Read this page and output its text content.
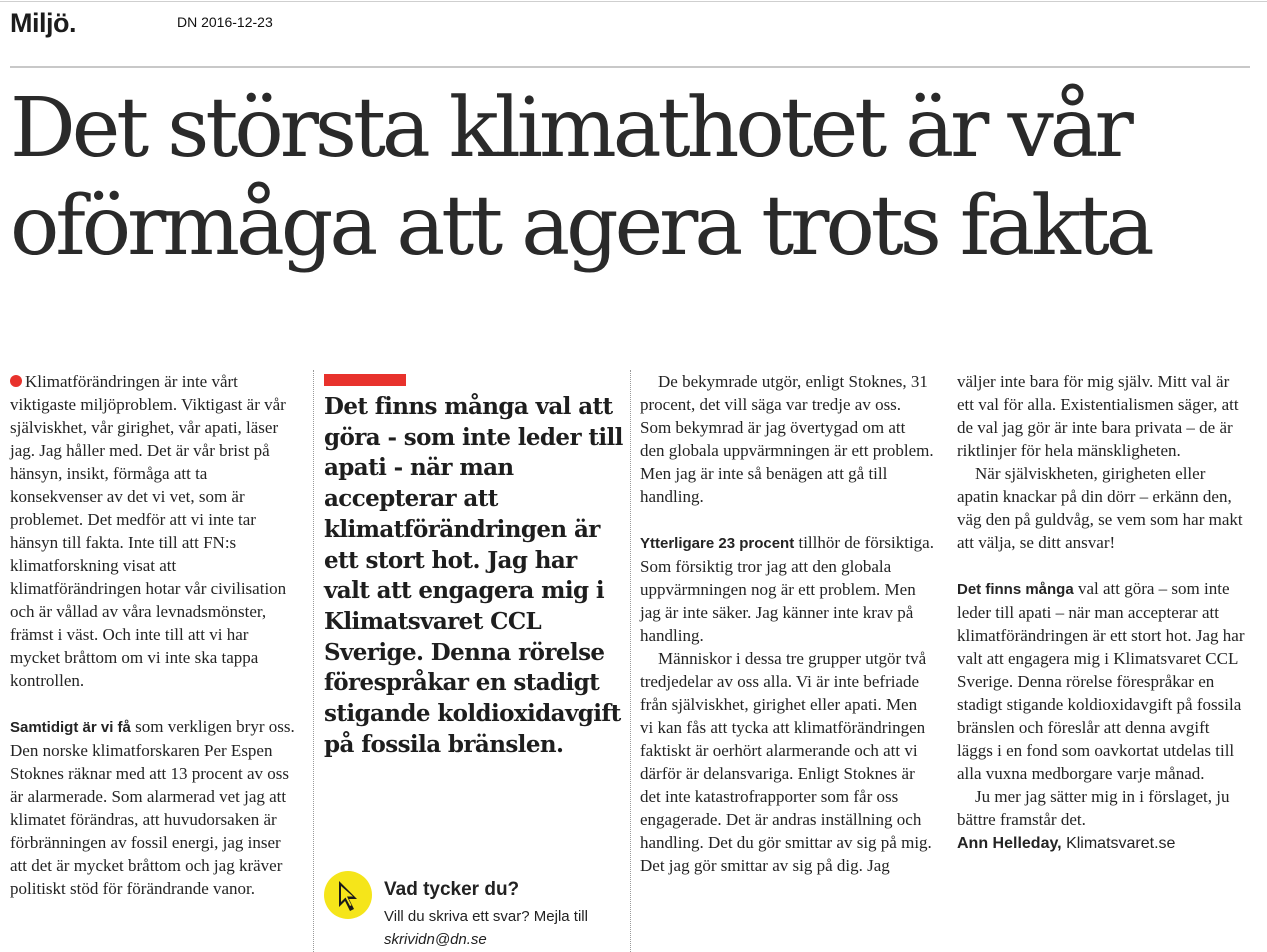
Miljö.	DN 2016-12-23
Det största klimathotet är vår
oförmåga att agera trots fakta

Klimatförändringen är inte vårt viktigaste miljöproblem. Viktigast är vår själviskhet, vår girighet, vår apati, läser jag. Jag håller med. Det är vår brist på hänsyn, insikt, förmåga att ta konsekvenser av det vi vet, som är problemet. Det medför att vi inte tar hänsyn till fakta. Inte till att FN:s klimatforskning visat att klimatförändringen hotar vår civilisation och är vållad av våra levnadsmönster, främst i väst. Och inte till att vi har mycket bråttom om vi inte ska tappa kontrollen.

Samtidigt är vi få som verkligen bryr oss. Den norske klimatforskaren Per Espen Stoknes räknar med att 13 procent av oss är alarmerade. Som alarmerad vet jag att klimatet förändras, att huvudorsaken är förbränningen av fossil energi, jag inser att det är mycket bråttom och jag kräver politiskt stöd för förändrande vanor.

Det finns många val att göra - som inte leder till apati - när man accepterar att klimatförändringen är ett stort hot. Jag har valt att engagera mig i Klimatsvaret CCL Sverige. Denna rörelse förespråkar en stadigt stigande koldioxidavgift på fossila bränslen.

Vad tycker du?
Vill du skriva ett svar? Mejla till skrividn@dn.se

De bekymrade utgör, enligt Stoknes, 31 procent, det vill säga var tredje av oss. Som bekymrad är jag övertygad om att den globala uppvärmningen är ett problem. Men jag är inte så benägen att gå till handling.

Ytterligare 23 procent tillhör de försiktiga. Som försiktig tror jag att den globala uppvärmningen nog är ett problem. Men jag är inte säker. Jag känner inte krav på handling.

Människor i dessa tre grupper utgör två tredjedelar av oss alla. Vi är inte befriade från själviskhet, girighet eller apati. Men vi kan fås att tycka att klimatförändringen faktiskt är oerhört alarmerande och att vi därför är delansvariga. Enligt Stoknes är det inte katastrofrapporter som får oss engagerade. Det är andras inställning och handling. Det du gör smittar av sig på mig. Det jag gör smittar av sig på dig. Jag

väljer inte bara för mig själv. Mitt val är ett val för alla. Existentialismen säger, att de val jag gör är inte bara privata – de är riktlinjer för hela mänskligheten.

När själviskheten, girigheten eller apatin knackar på din dörr – erkänn den, väg den på guldvåg, se vem som har makt att välja, se ditt ansvar!

Det finns många val att göra – som inte leder till apati – när man accepterar att klimatförändringen är ett stort hot. Jag har valt att engagera mig i Klimatsvaret CCL Sverige. Denna rörelse förespråkar en stadigt stigande koldioxidavgift på fossila bränslen och föreslår att denna avgift läggs i en fond som oavkortat utdelas till alla vuxna medborgare varje månad.

Ju mer jag sätter mig in i förslaget, ju bättre framstår det.

Ann Helleday, Klimatsvaret.se
